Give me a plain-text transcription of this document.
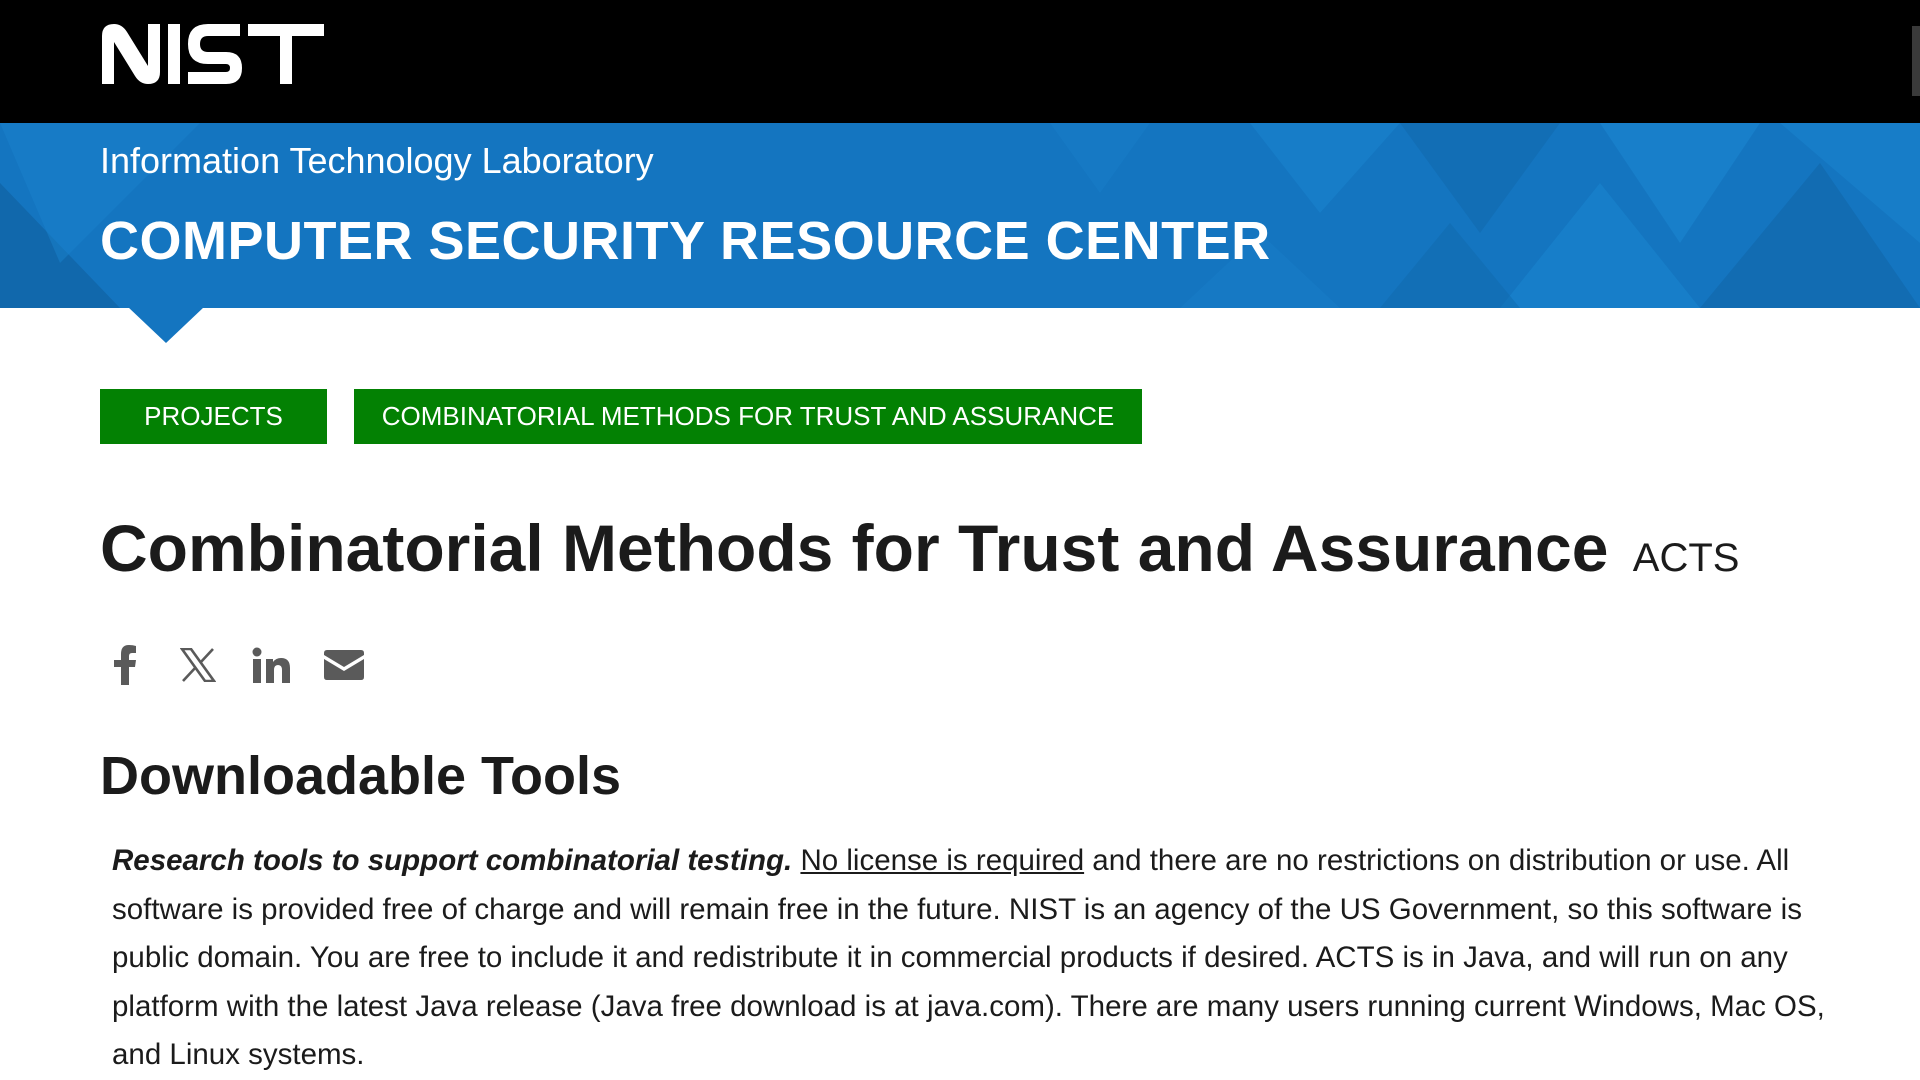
Information Technology Laboratory
COMPUTER SECURITY RESOURCE CENTER
PROJECTS	COMBINATORIAL METHODS FOR TRUST AND ASSURANCE
Combinatorial Methods for Trust and Assurance ACTS
Downloadable Tools

Research tools to support combinatorial testing. No license is required and there are no restrictions on distribution or use. All software is provided free of charge and will remain free in the future. NIST is an agency of the US Government, so this software is public domain. You are free to include it and redistribute it in commercial products if desired. ACTS is in Java, and will run on any platform with the latest Java release (Java free download is at java.com). There are many users running current Windows, Mac OS, and Linux systems.
